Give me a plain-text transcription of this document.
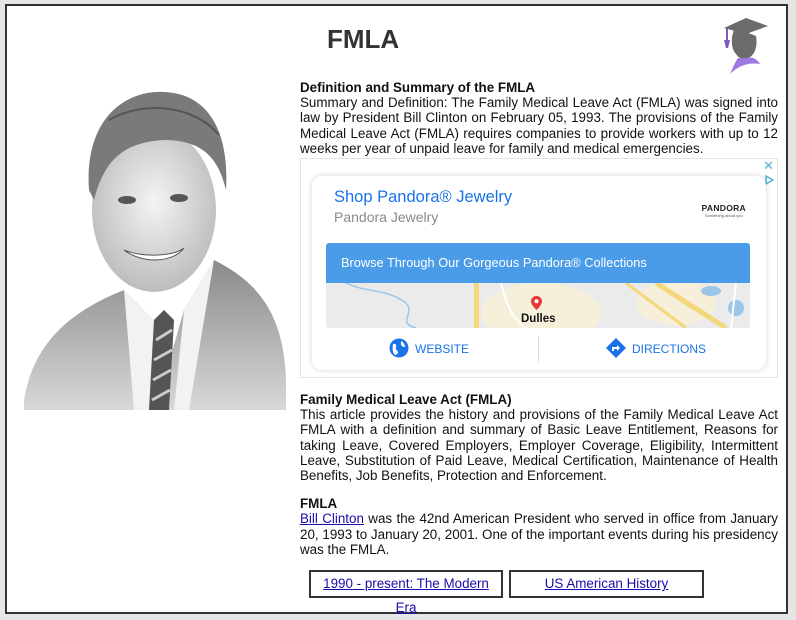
FMLA
Definition and Summary of the FMLA

Summary and Definition: The Family Medical Leave Act (FMLA) was signed into law by President Bill Clinton on February 05, 1993. The provisions of the Family Medical Leave Act (FMLA) requires companies to provide workers with up to 12 weeks per year of unpaid leave for family and medical emergencies.

✕
Shop Pandora® Jewelry
Pandora Jewelry
PANDORA
Something about you
Browse Through Our Gorgeous Pandora® Collections
Dulles
WEBSITE	DIRECTIONS
Family Medical Leave Act (FMLA)

This article provides the history and provisions of the Family Medical Leave Act FMLA with a definition and summary of Basic Leave Entitlement, Reasons for taking Leave, Covered Employers, Employer Coverage, Eligibility, Intermittent Leave, Substitution of Paid Leave, Medical Certification, Maintenance of Health Benefits, Job Benefits, Protection and Enforcement.

FMLA

Bill Clinton was the 42nd American President who served in office from January 20, 1993 to January 20, 2001. One of the important events during his presidency was the FMLA.

1990 - present: The Modern Era
US American History
